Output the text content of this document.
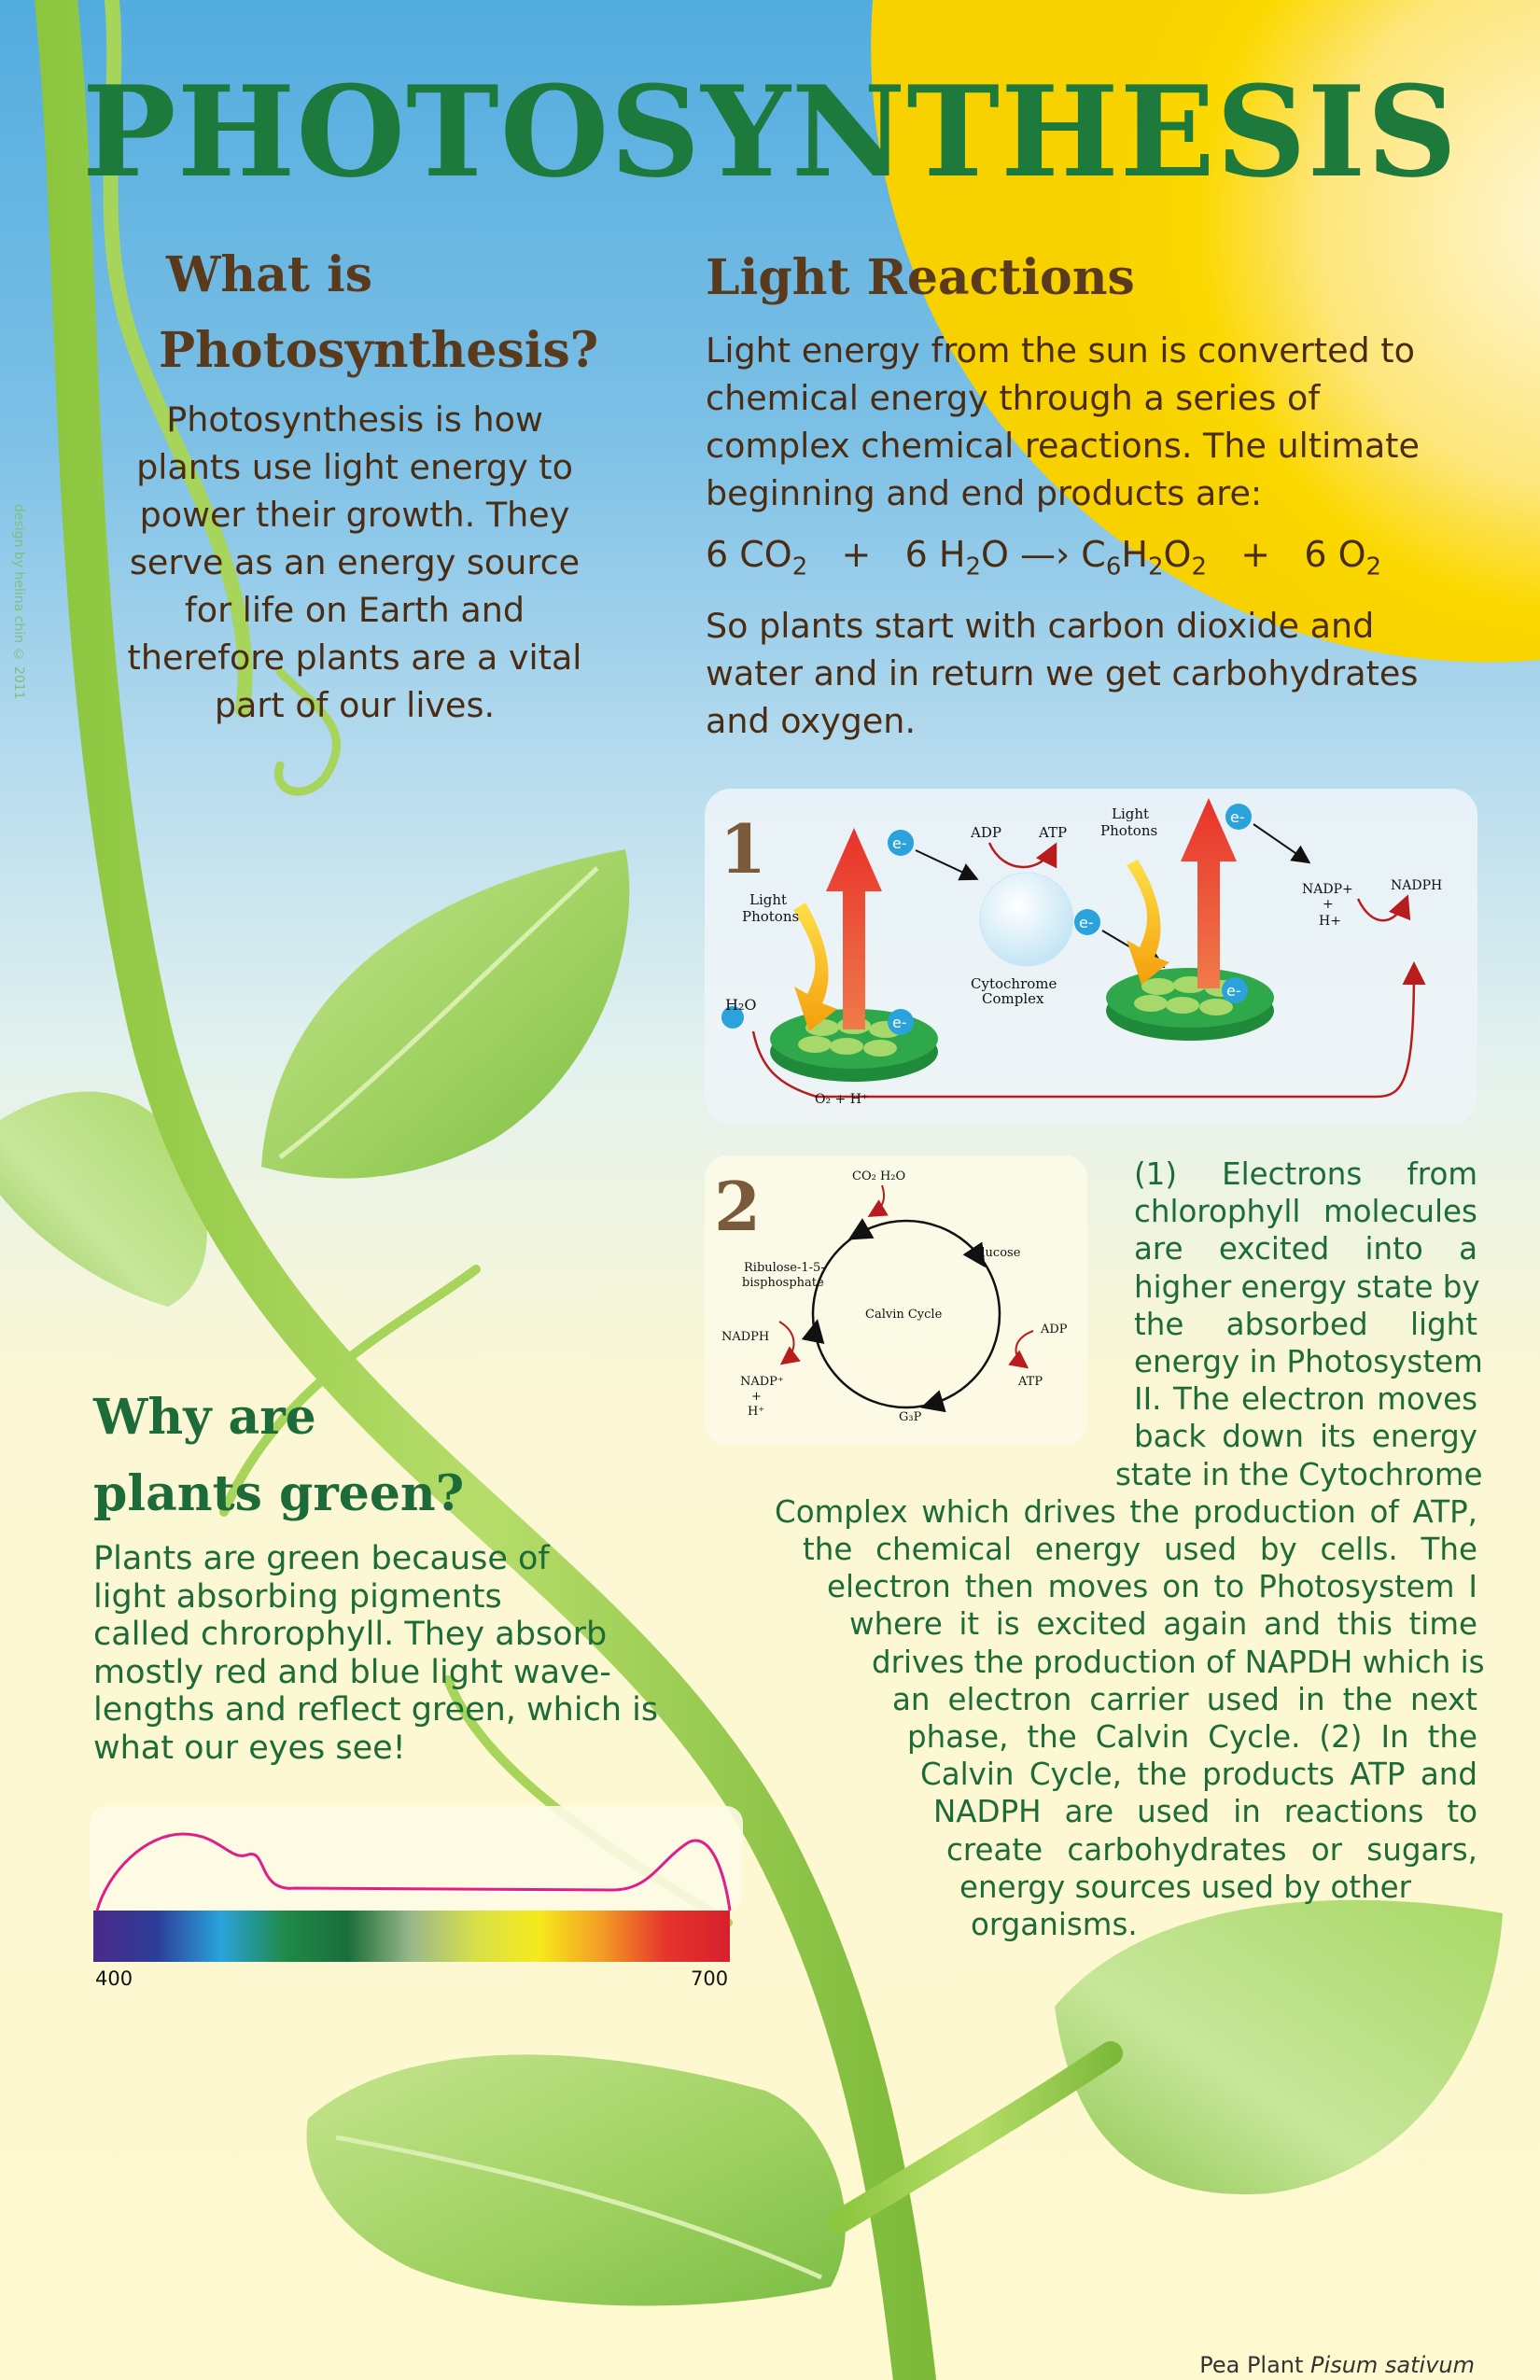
PHOTOSYNTHESIS
design by helina chin © 2011
What is
Photosynthesis?
Photosynthesis is how
plants use light energy to
power their growth. They
serve as an energy source
for life on Earth and
therefore plants are a vital
part of our lives.
Light Reactions
Light energy from the sun is converted to
chemical energy through a series of
complex chemical reactions. The ultimate
beginning and end products are:
6 $CO_2 + 6$ $H_2O$ —› $C_6H_2O_2 + 6$ $O_2$
So plants start with carbon dioxide and
water and in return we get carbohydrates
and oxygen.
1
Light
Photons
H₂O
e-
e-
Cytochrome
Complex
ADP	ATP
e-
Light
Photons
e-
e-
NADP+
+
H+
NADPH
O₂ + H⁺
2	CO₂ H₂O
Ribulose-1-5-
bisphosphate
Glucose
Calvin Cycle
NADPH
NADP⁺
+
H⁺
ADP
ATP
G₃P
(1) Electrons from
chlorophyll molecules
are excited into a
higher energy state by
the absorbed light
energy in Photosystem
II. The electron moves
back down its energy
state in the Cytochrome
Complex which drives the production of ATP,
the chemical energy used by cells. The
electron then moves on to Photosystem I
where it is excited again and this time
drives the production of NAPDH which is
an electron carrier used in the next
phase, the Calvin Cycle. (2) In the
Calvin Cycle, the products ATP and
NADPH are used in reactions to
create carbohydrates or sugars,
energy sources used by other
organisms.
Why are
plants green?
Plants are green because of
light absorbing pigments
called chrorophyll. They absorb
mostly red and blue light wave-
lengths and reflect green, which is
what our eyes see!
400	700
Pea Plant Pisum sativum
